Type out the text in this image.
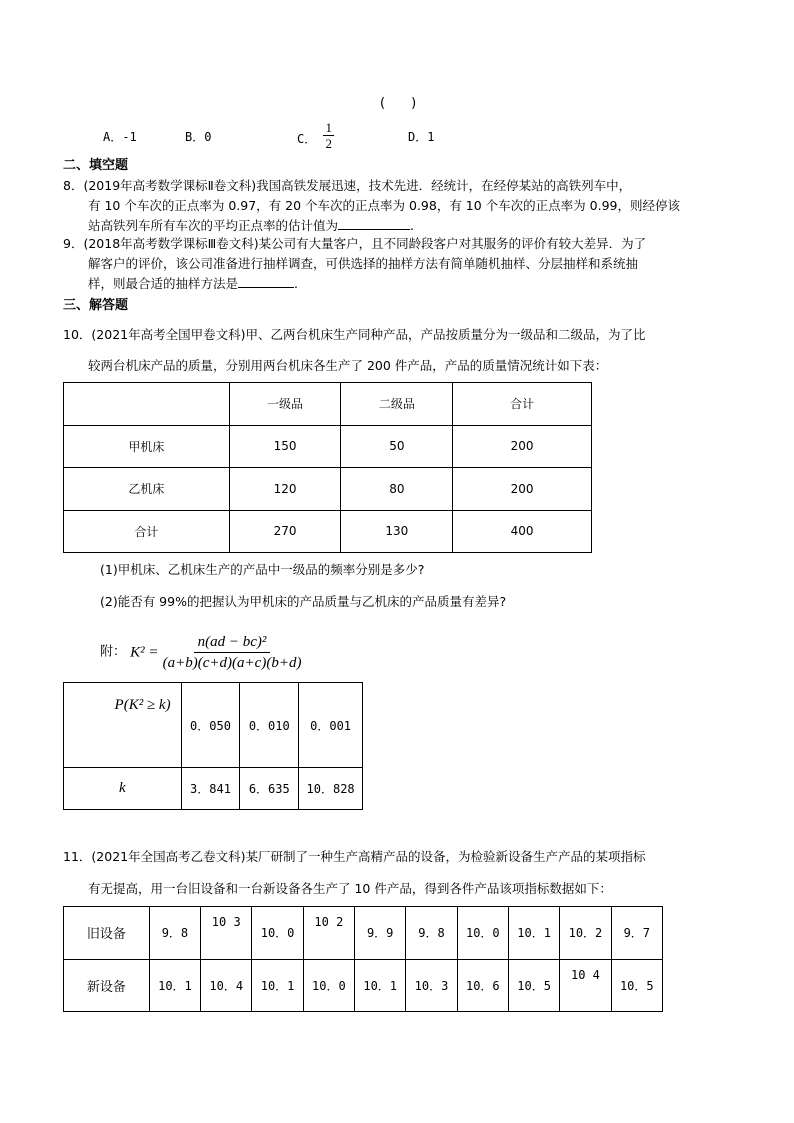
(　　)
A．-1	B．0	C． $\frac{1}{2}$	D．1
二、填空题
8．(2019年高考数学课标Ⅱ卷文科)我国高铁发展迅速，技术先进．经统计，在经停某站的高铁列车中，
有 10 个车次的正点率为 0.97，有 20 个车次的正点率为 0.98，有 10 个车次的正点率为 0.99，则经停该
站高铁列车所有车次的平均正点率的估计值为	.
9．(2018年高考数学课标Ⅲ卷文科)某公司有大量客户，且不同龄段客户对其服务的评价有较大差异．为了
解客户的评价，该公司准备进行抽样调查，可供选择的抽样方法有简单随机抽样、分层抽样和系统抽
样，则最合适的抽样方法是	.
三、解答题
10．(2021年高考全国甲卷文科)甲、乙两台机床生产同种产品，产品按质量分为一级品和二级品，为了比
较两台机床产品的质量，分别用两台机床各生产了 200 件产品，产品的质量情况统计如下表：
	一级品	二级品	合计
甲机床	150	50	200
乙机床	120	80	200
合计	270	130	400
(1)甲机床、乙机床生产的产品中一级品的频率分别是多少?
(2)能否有 99%的把握认为甲机床的产品质量与乙机床的产品质量有差异?
附： $K^2 = \frac{\text{n(ad − bc)²}}{(a+b)(c+d)(a+c)(b+d)}$
P(K² ≥ k)	0．050	0．010	0．001
k	3．841	6．635	10．828
11．(2021年全国高考乙卷文科)某厂研制了一种生产高精产品的设备，为检验新设备生产产品的某项指标
有无提高，用一台旧设备和一台新设备各生产了 10 件产品，得到各件产品该项指标数据如下：
旧设备	9．8	10 3	10．0	10 2	9．9	9．8	10．0	10．1	10．2	9．7
新设备	10．1	10．4	10．1	10．0	10．1	10．3	10．6	10．5	10 4	10．5
